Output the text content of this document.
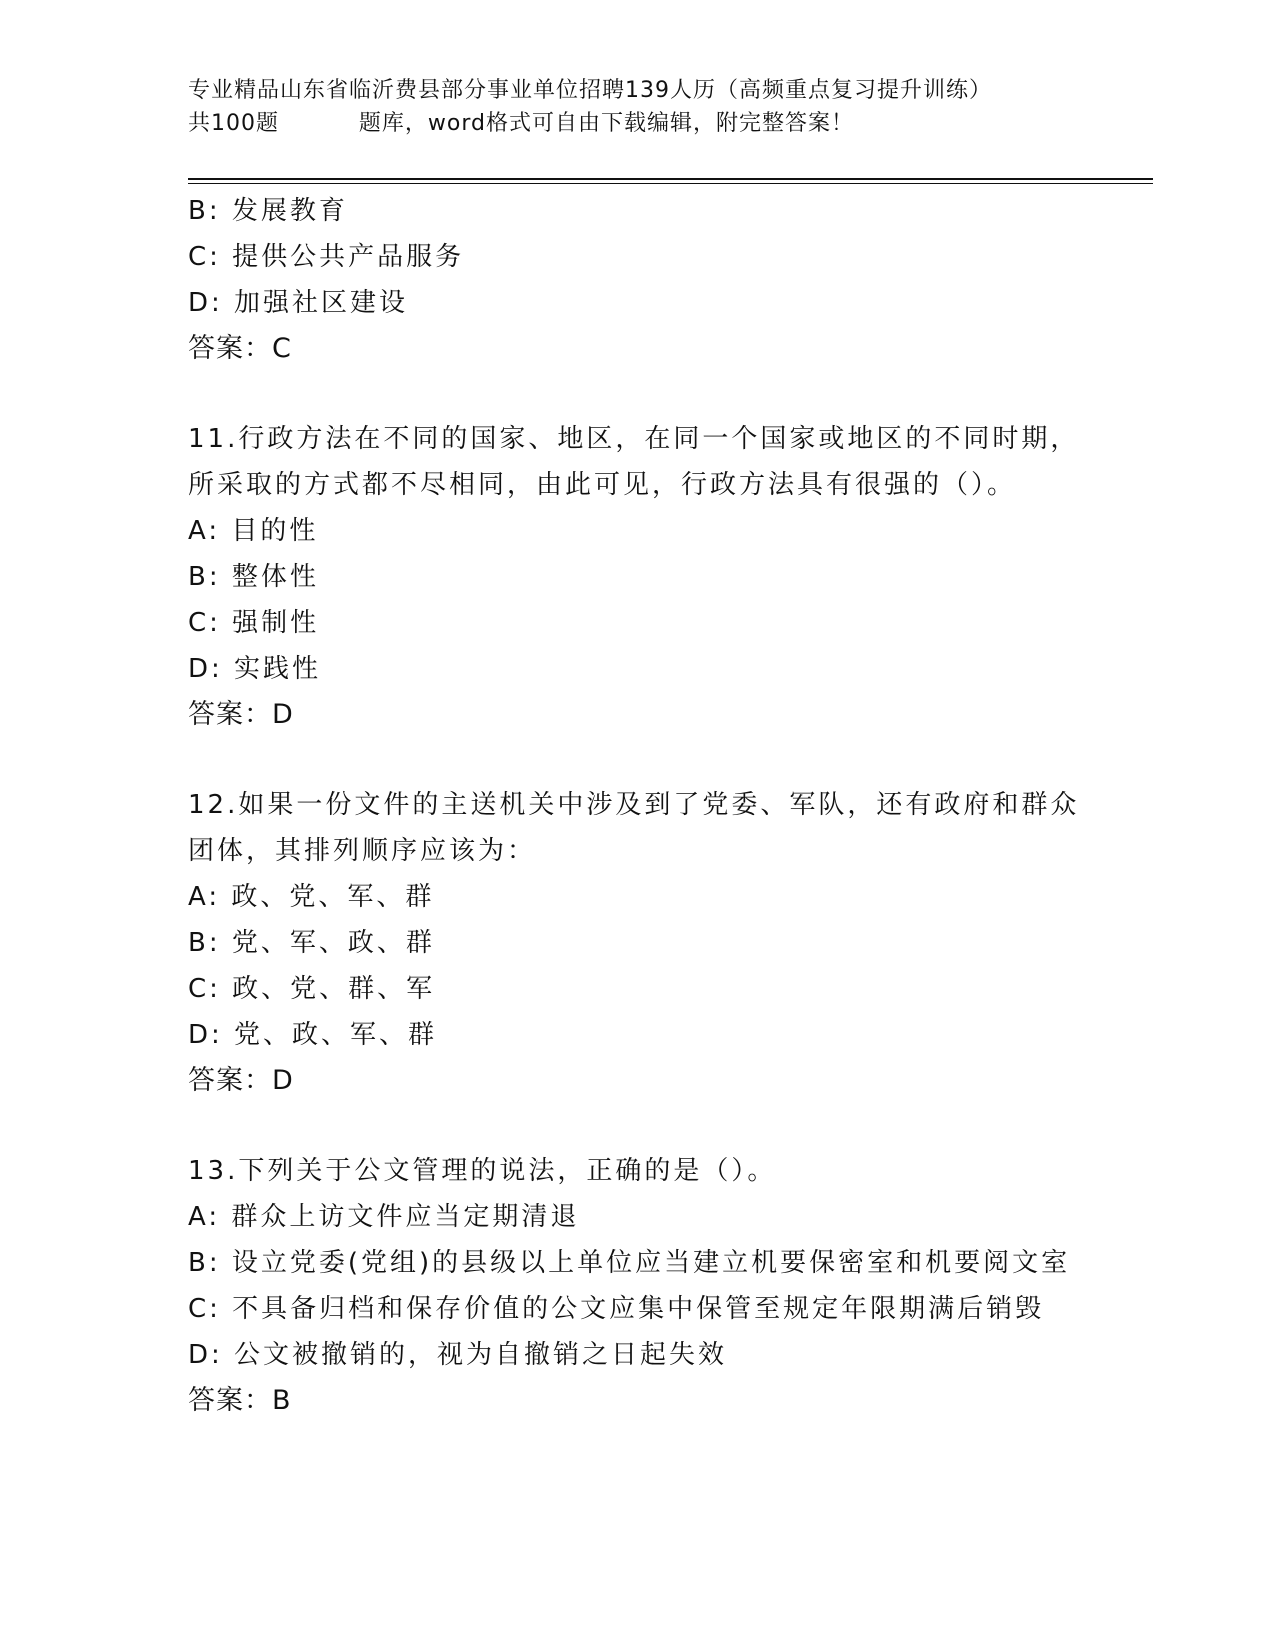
专业精品山东省临沂费县部分事业单位招聘139人历（高频重点复习提升训练）
共100题          题库，word格式可自由下载编辑，附完整答案！
B: 发展教育
C: 提供公共产品服务
D: 加强社区建设
答案：C
11.行政方法在不同的国家、地区，在同一个国家或地区的不同时期，
所采取的方式都不尽相同，由此可见，行政方法具有很强的（）。
A: 目的性
B: 整体性
C: 强制性
D: 实践性
答案：D
12.如果一份文件的主送机关中涉及到了党委、军队，还有政府和群众
团体，其排列顺序应该为：
A: 政、党、军、群
B: 党、军、政、群
C: 政、党、群、军
D: 党、政、军、群
答案：D
13.下列关于公文管理的说法，正确的是（）。
A: 群众上访文件应当定期清退
B: 设立党委(党组)的县级以上单位应当建立机要保密室和机要阅文室
C: 不具备归档和保存价值的公文应集中保管至规定年限期满后销毁
D: 公文被撤销的，视为自撤销之日起失效
答案：B
